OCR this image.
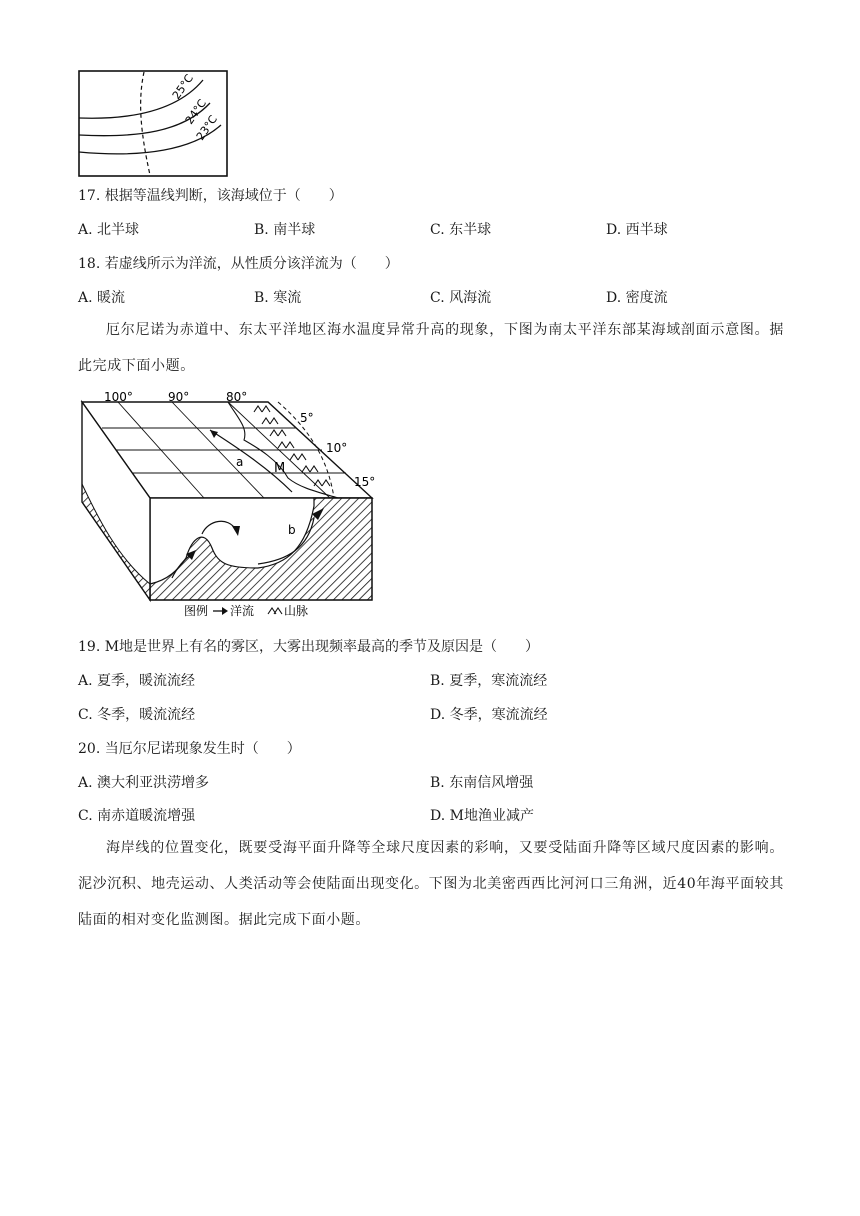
25°C
24°C
23°C
17. 根据等温线判断，该海域位于（　　）
A. 北半球	B. 南半球	C. 东半球	D. 西半球
18. 若虚线所示为洋流，从性质分该洋流为（　　）
A. 暖流	B. 寒流	C. 风海流	D. 密度流
厄尔尼诺为赤道中、东太平洋地区海水温度异常升高的现象，下图为南太平洋东部某海域剖面示意图。据此完成下面小题。
100°	90°	80°
5°
10°
15°
a M
b
图例 洋流 山脉
19. M地是世界上有名的雾区，大雾出现频率最高的季节及原因是（　　）
A. 夏季，暖流流经	B. 夏季，寒流流经
C. 冬季，暖流流经	D. 冬季，寒流流经
20. 当厄尔尼诺现象发生时（　　）
A. 澳大利亚洪涝增多	B. 东南信风增强
C. 南赤道暖流增强	D. M地渔业减产
海岸线的位置变化，既要受海平面升降等全球尺度因素的彩响，又要受陆面升降等区域尺度因素的影响。泥沙沉积、地壳运动、人类活动等会使陆面出现变化。下图为北美密西西比河河口三角洲，近40年海平面较其陆面的相对变化监测图。据此完成下面小题。
